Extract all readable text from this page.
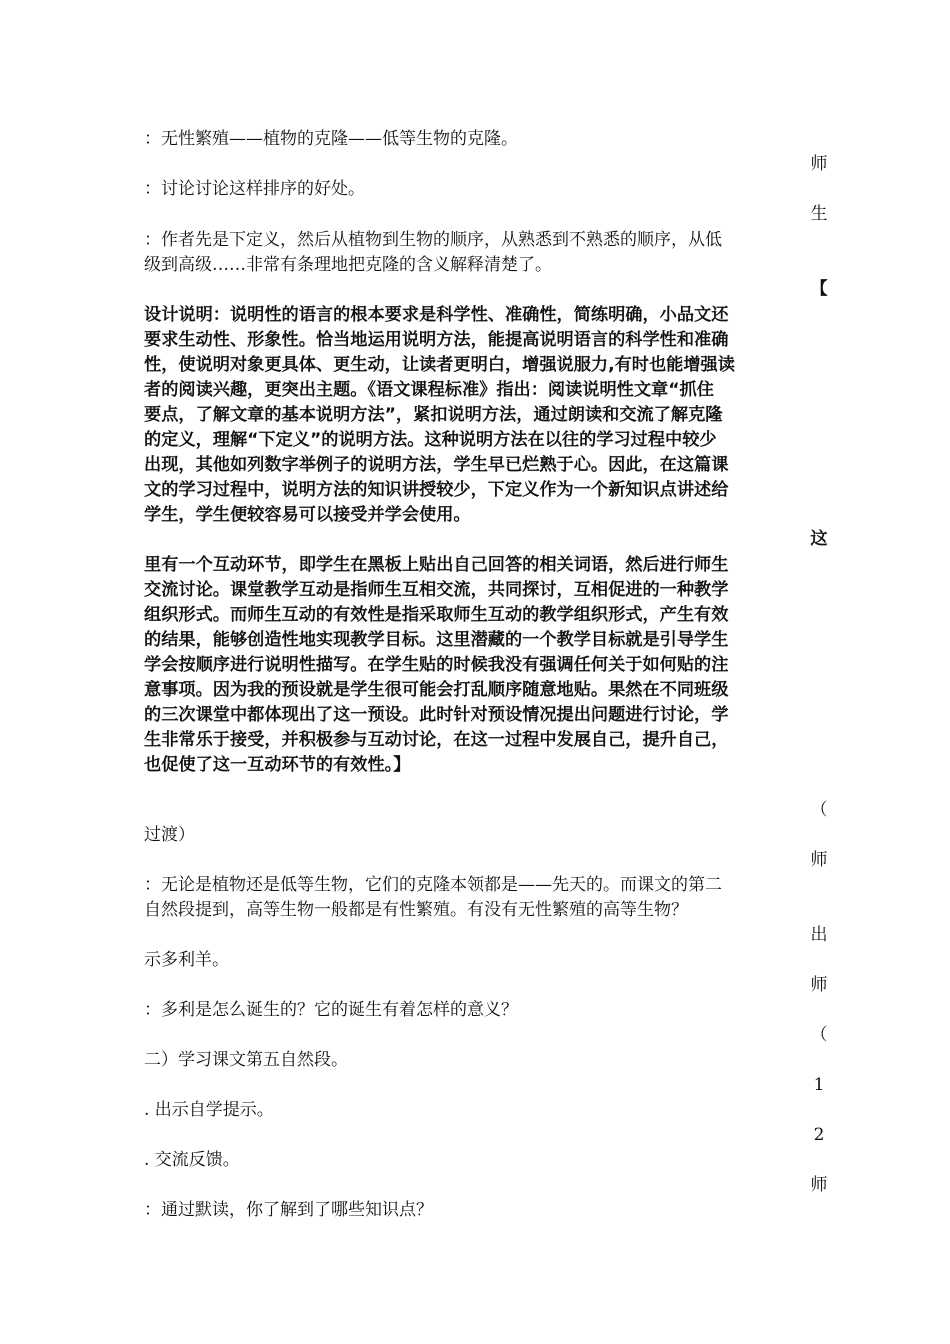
：无性繁殖——植物的克隆——低等生物的克隆。
师
：讨论讨论这样排序的好处。
生
：作者先是下定义，然后从植物到生物的顺序，从熟悉到不熟悉的顺序，从低
级到高级……非常有条理地把克隆的含义解释清楚了。
【
设计说明：说明性的语言的根本要求是科学性、准确性，简练明确，小品文还
要求生动性、形象性。恰当地运用说明方法，能提高说明语言的科学性和准确
性，使说明对象更具体、更生动，让读者更明白，增强说服力,有时也能增强读
者的阅读兴趣，更突出主题。《语文课程标准》指出：阅读说明性文章“抓住
要点，了解文章的基本说明方法”，紧扣说明方法，通过朗读和交流了解克隆
的定义，理解“下定义”的说明方法。这种说明方法在以往的学习过程中较少
出现，其他如列数字举例子的说明方法，学生早已烂熟于心。因此，在这篇课
文的学习过程中，说明方法的知识讲授较少，下定义作为一个新知识点讲述给
学生，学生便较容易可以接受并学会使用。
这
里有一个互动环节，即学生在黑板上贴出自己回答的相关词语，然后进行师生
交流讨论。课堂教学互动是指师生互相交流，共同探讨，互相促进的一种教学
组织形式。而师生互动的有效性是指采取师生互动的教学组织形式，产生有效
的结果，能够创造性地实现教学目标。这里潜藏的一个教学目标就是引导学生
学会按顺序进行说明性描写。在学生贴的时候我没有强调任何关于如何贴的注
意事项。因为我的预设就是学生很可能会打乱顺序随意地贴。果然在不同班级
的三次课堂中都体现出了这一预设。此时针对预设情况提出问题进行讨论，学
生非常乐于接受，并积极参与互动讨论，在这一过程中发展自己，提升自己，
也促使了这一互动环节的有效性。】
（
过渡）
师
：无论是植物还是低等生物，它们的克隆本领都是——先天的。而课文的第二
自然段提到，高等生物一般都是有性繁殖。有没有无性繁殖的高等生物？
出
示多利羊。
师
：多利是怎么诞生的？它的诞生有着怎样的意义？
（
二）学习课文第五自然段。
1
. 出示自学提示。
2
. 交流反馈。
师
：通过默读，你了解到了哪些知识点？
